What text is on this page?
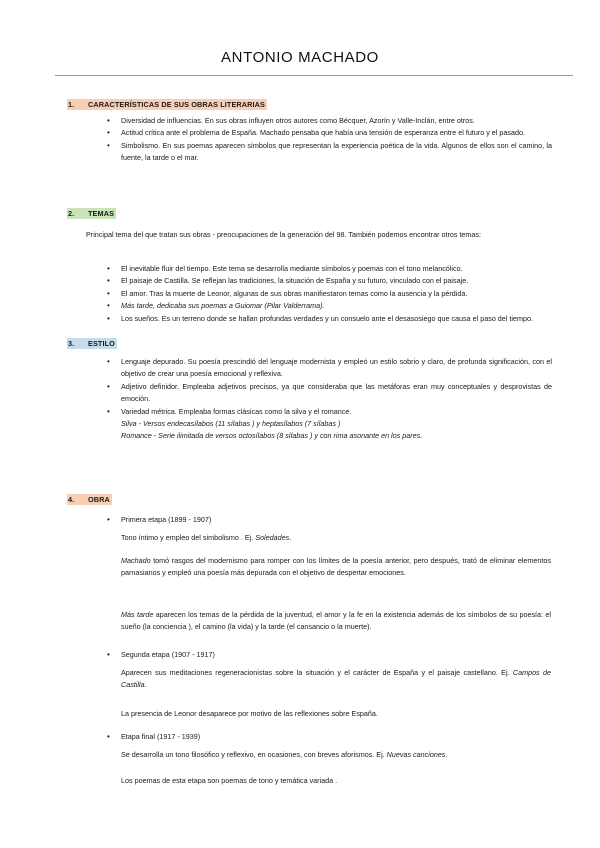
ANTONIO MACHADO
1. CARACTERÍSTICAS DE SUS OBRAS LITERARIAS
• Diversidad de influencias. En sus obras influyen otros autores como Bécquer, Azorín y Valle-Inclán, entre otros.
• Actitud crítica ante el problema de España. Machado pensaba que había una tensión de esperanza entre el futuro y el pasado.
• Simbolismo. En sus poemas aparecen símbolos que representan la experiencia poética de la vida. Algunos de ellos son el camino, la fuente, la tarde o el mar.
2. TEMAS
Principal tema del que tratan sus obras - preocupaciones de la generación del 98. También podemos encontrar otros temas:
• El inevitable fluir del tiempo. Este tema se desarrolla mediante símbolos y poemas con el tono melancólico.
• El paisaje de Castilla. Se reflejan las tradiciones, la situación de España y su futuro, vinculado con el paisaje.
• El amor. Tras la muerte de Leonor, algunas de sus obras manifiestaron temas como la ausencia y la pérdida.
• Más tarde, dedicaba sus poemas a Guiomar (Pilar Valderrama).
• Los sueños. Es un terreno donde se hallan profundas verdades y un consuelo ante el desasosiego que causa el paso del tiempo.
3. ESTILO
• Lenguaje depurado. Su poesía prescindió del lenguaje modernista y empleó un estilo sobrio y claro, de profunda significación, con el objetivo de crear una poesía emocional y reflexiva.
• Adjetivo definidor. Empleaba adjetivos precisos, ya que consideraba que las metáforas eran muy conceptuales y desprovistas de emoción.
• Variedad métrica. Empleaba formas clásicas como la silva y el romance.
Silva - Versos endecasílabos (11 sílabas ) y heptasílabos (7 sílabas )
Romance - Serie ilimitada de versos octosílabos (8 sílabas ) y con rima asonante en los pares.
4. OBRA
• Primera etapa (1899 - 1907)
Tono íntimo y empleo del simbolismo . Ej. Soledades.
Machado tomó rasgos del modernismo para romper con los límites de la poesía anterior, pero después, trató de eliminar elementos parnasianos y empleó una poesía más depurada con el objetivo de despertar emociones.
Más tarde aparecen los temas de la pérdida de la juventud, el amor y la fe en la existencia además de los símbolos de su poesía: el sueño (la conciencia ), el camino (la vida) y la tarde (el cansancio o la muerte).
• Segunda etapa (1907 - 1917)
Aparecen sus meditaciones regeneracionistas sobre la situación y el carácter de España y el paisaje castellano. Ej. Campos de Castilla.
La presencia de Leonor desaparece por motivo de las reflexiones sobre España.
• Etapa final (1917 - 1939)
Se desarrolla un tono filosófico y reflexivo, en ocasiones, con breves aforismos. Ej. Nuevas canciones.
Los poemas de esta etapa son poemas de tono y temática variada .
